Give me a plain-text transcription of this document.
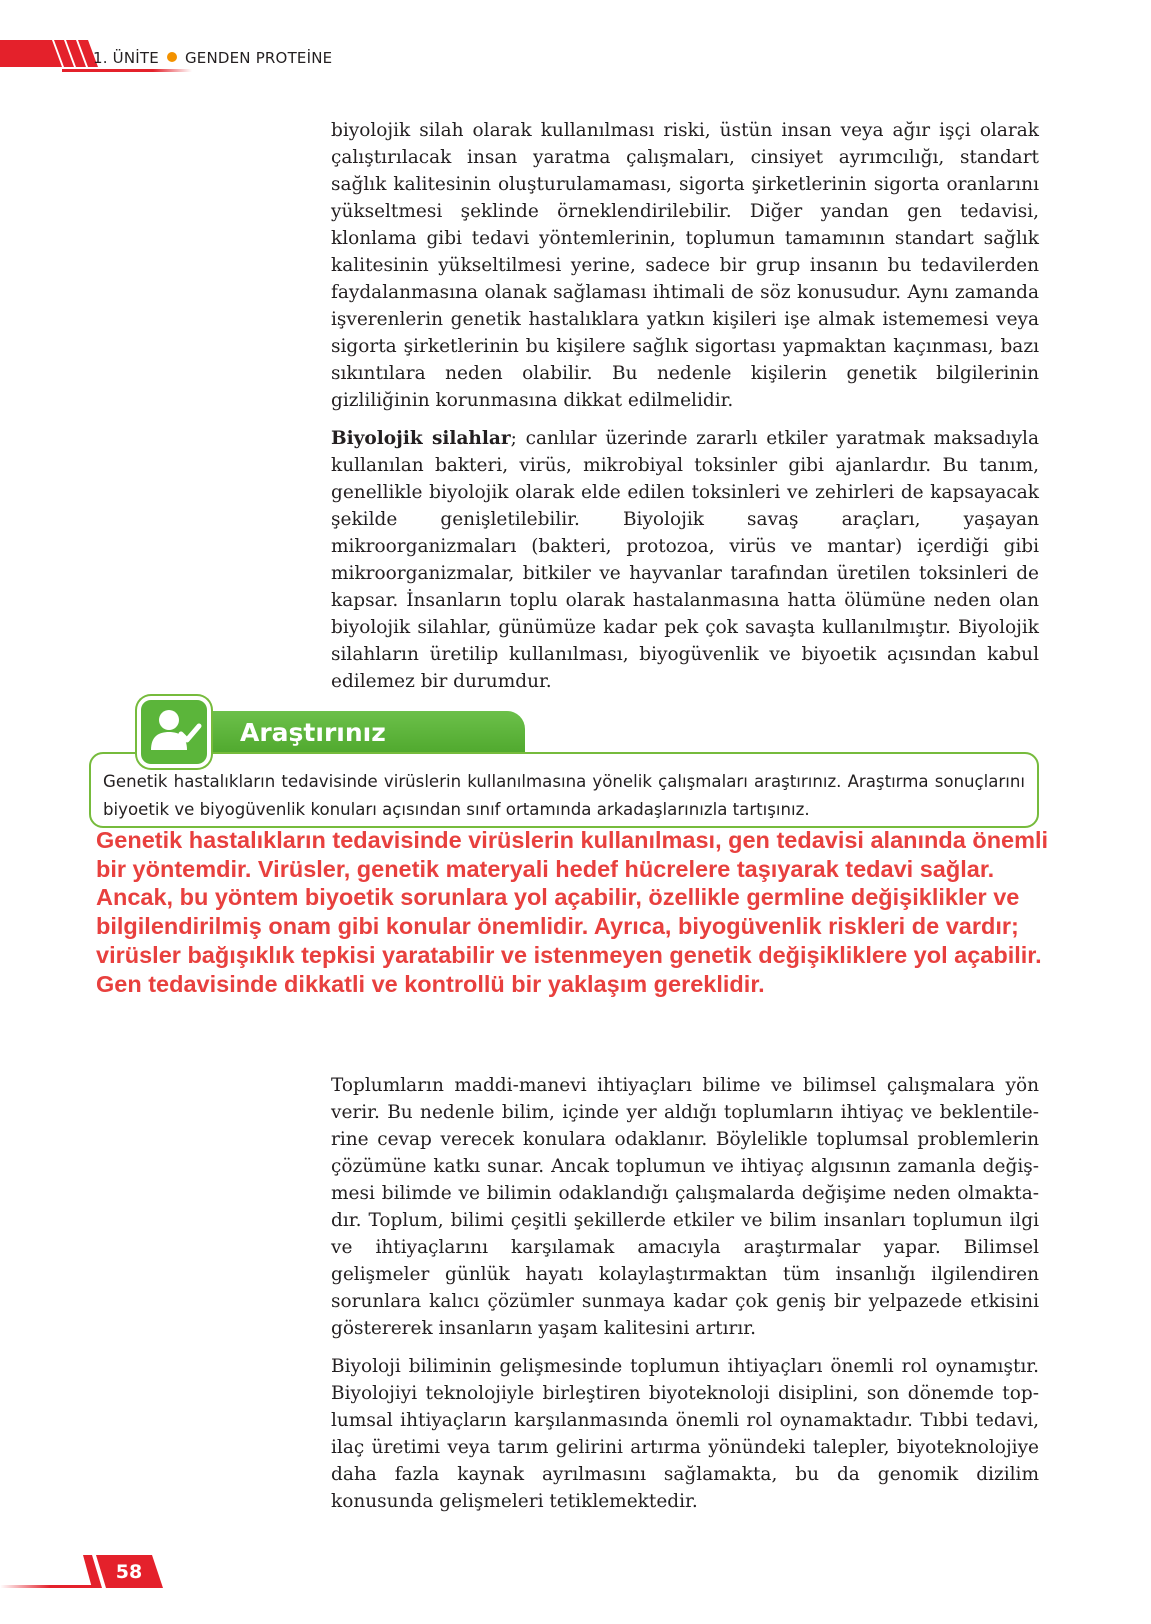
1. ÜNİTE GENDEN PROTEİNE

biyolojik silah olarak kullanılması riski, üstün insan veya ağır işçi olarak çalıştırılacak insan yaratma çalışmaları, cinsiyet ayrımcılığı, standart sağlık kalitesinin oluşturulamaması, sigorta şirketlerinin sigorta oranlarını yükseltmesi şeklinde örneklendirilebilir. Diğer yandan gen tedavisi, klonlama gibi tedavi yöntemlerinin, toplumun tamamının standart sağlık kalitesinin yükseltilmesi yerine, sadece bir grup insanın bu tedavilerden faydalanmasına olanak sağlaması ihtimali de söz konusudur. Aynı zamanda işverenlerin genetik hastalıklara yatkın kişileri işe almak istememesi veya sigorta şirketlerinin bu kişilere sağlık sigortası yapmaktan kaçınması, bazı sıkıntılara neden olabilir. Bu nedenle kişilerin genetik bilgilerinin gizliliğinin korunmasına dikkat edilmelidir.

Biyolojik silahlar; canlılar üzerinde zararlı etkiler yaratmak maksadıyla kullanılan bakteri, virüs, mikrobiyal toksinler gibi ajanlardır. Bu tanım, genellikle biyolojik olarak elde edilen toksinleri ve zehirleri de kapsayacak şekilde genişletilebilir. Biyolojik savaş araçları, yaşayan mikroorganizmaları (bakteri, protozoa, virüs ve mantar) içerdiği gibi mikroorganizmalar, bitkiler ve hayvanlar tarafından üretilen toksinleri de kapsar. İnsanların toplu olarak hastalanmasına hatta ölümüne neden olan biyolojik silahlar, günümüze kadar pek çok savaşta kullanılmıştır. Biyolojik silahların üretilip kullanılması, biyogüvenlik ve biyoetik açısından kabul edilemez bir durumdur.

Araştırınız
Genetik hastalıkların tedavisinde virüslerin kullanılmasına yönelik çalışmaları araştırınız. Araştırma sonuçlarını biyoetik ve biyogüvenlik konuları açısından sınıf ortamında arkadaşlarınızla tartışınız.
Genetik hastalıkların tedavisinde virüslerin kullanılması, gen tedavisi alanında önemli bir yöntemdir. Virüsler, genetik materyali hedef hücrelere taşıyarak tedavi sağlar. Ancak, bu yöntem biyoetik sorunlara yol açabilir, özellikle germline değişiklikler ve bilgilendirilmiş onam gibi konular önemlidir. Ayrıca, biyogüvenlik riskleri de vardır; virüsler bağışıklık tepkisi yaratabilir ve istenmeyen genetik değişikliklere yol açabilir. Gen tedavisinde dikkatli ve kontrollü bir yaklaşım gereklidir.

Toplumların maddi-manevi ihtiyaçları bilime ve bilimsel çalışmalara yön verir. Bu nedenle bilim, içinde yer aldığı toplumların ihtiyaç ve beklentilerine cevap verecek konulara odaklanır. Böylelikle toplumsal problemlerin çözümüne katkı sunar. Ancak toplumun ve ihtiyaç algısının zamanla değişmesi bilimde ve bilimin odaklandığı çalışmalarda değişime neden olmaktadır. Toplum, bilimi çeşitli şekillerde etkiler ve bilim insanları toplumun ilgi ve ihtiyaçlarını karşılamak amacıyla araştırmalar yapar. Bilimsel gelişmeler günlük hayatı kolaylaştırmaktan tüm insanlığı ilgilendiren sorunlara kalıcı çözümler sunmaya kadar çok geniş bir yelpazede etkisini göstererek insanların yaşam kalitesini artırır.

Biyoloji biliminin gelişmesinde toplumun ihtiyaçları önemli rol oynamıştır. Biyolojiyi teknolojiyle birleştiren biyoteknoloji disiplini, son dönemde toplumsal ihtiyaçların karşılanmasında önemli rol oynamaktadır. Tıbbi tedavi, ilaç üretimi veya tarım gelirini artırma yönündeki talepler, biyoteknolojiye daha fazla kaynak ayrılmasını sağlamakta, bu da genomik dizilim konusunda gelişmeleri tetiklemektedir.

58
